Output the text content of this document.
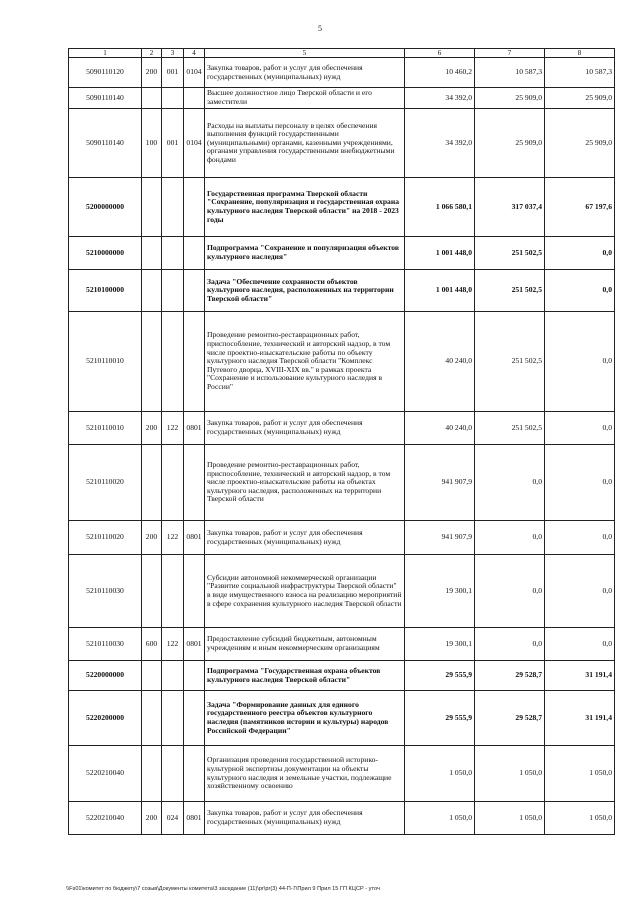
5
1	2	3	4	5	6	7	8
5090110120	200	001	0104	Закупка товаров, работ и услуг для обеспечения государственных (муниципальных) нужд	10 460,2	10 587,3	10 587,3
5090110140				Высшее должностное лицо Тверской области и его заместители	34 392,0	25 909,0	25 909,0
5090110140	100	001	0104	Расходы на выплаты персоналу в целях обеспечения выполнения функций государственными (муниципальными) органами, казенными учреждениями, органами управления государственными внебюджетными фондами	34 392,0	25 909,0	25 909,0
5200000000				Государственная программа Тверской области "Сохранение, популяризация и государственная охрана культурного наследия Тверской области" на 2018 - 2023 годы	1 066 580,1	317 037,4	67 197,6
5210000000				Подпрограмма "Сохранение и популяризация объектов культурного наследия"	1 001 448,0	251 502,5	0,0
5210100000				Задача "Обеспечение сохранности объектов культурного наследия, расположенных на территории Тверской области"	1 001 448,0	251 502,5	0,0
5210110010				Проведение ремонтно-реставрационных работ, приспособление, технический и авторский надзор, в том числе проектно-изыскательские работы по объекту культурного наследия Тверской области "Комплекс Путевого дворца, XVIII-XIX вв." в рамках проекта "Сохранение и использование культурного наследия в России"	40 240,0	251 502,5	0,0
5210110010	200	122	0801	Закупка товаров, работ и услуг для обеспечения государственных (муниципальных) нужд	40 240,0	251 502,5	0,0
5210110020				Проведение ремонтно-реставрационных работ, приспособление, технический и авторский надзор, в том числе проектно-изыскательские работы на объектах культурного наследия, расположенных на территории Тверской области	941 907,9	0,0	0,0
5210110020	200	122	0801	Закупка товаров, работ и услуг для обеспечения государственных (муниципальных) нужд	941 907,9	0,0	0,0
5210110030				Субсидии автономной некоммерческой организации "Развитие социальной инфраструктуры Тверской области" в виде имущественного взноса на реализацию мероприятий в сфере сохранения культурного наследия Тверской области	19 300,1	0,0	0,0
5210110030	600	122	0801	Предоставление субсидий бюджетным, автономным учреждениям и иным некоммерческим организациям	19 300,1	0,0	0,0
5220000000				Подпрограмма "Государственная охрана объектов культурного наследия Тверской области"	29 555,9	29 528,7	31 191,4
5220200000				Задача "Формирование данных для единого государственного реестра объектов культурного наследия (памятников истории и культуры) народов Российской Федерации"	29 555,9	29 528,7	31 191,4
5220210040				Организация проведения государственной историко-культурной экспертизы документации на объекты культурного наследия и земельные участки, подлежащие хозяйственному освоению	1 050,0	1 050,0	1 050,0
5220210040	200	024	0801	Закупка товаров, работ и услуг для обеспечения государственных (муниципальных) нужд	1 050,0	1 050,0	1 050,0
\\Fs01\комитет по бюджету\7 созыв\Документы комитета\3 заседание (11)\pr\pr(3) 44-П-7\Прил 9 Прил 15 ГП КЦСР - уточ
